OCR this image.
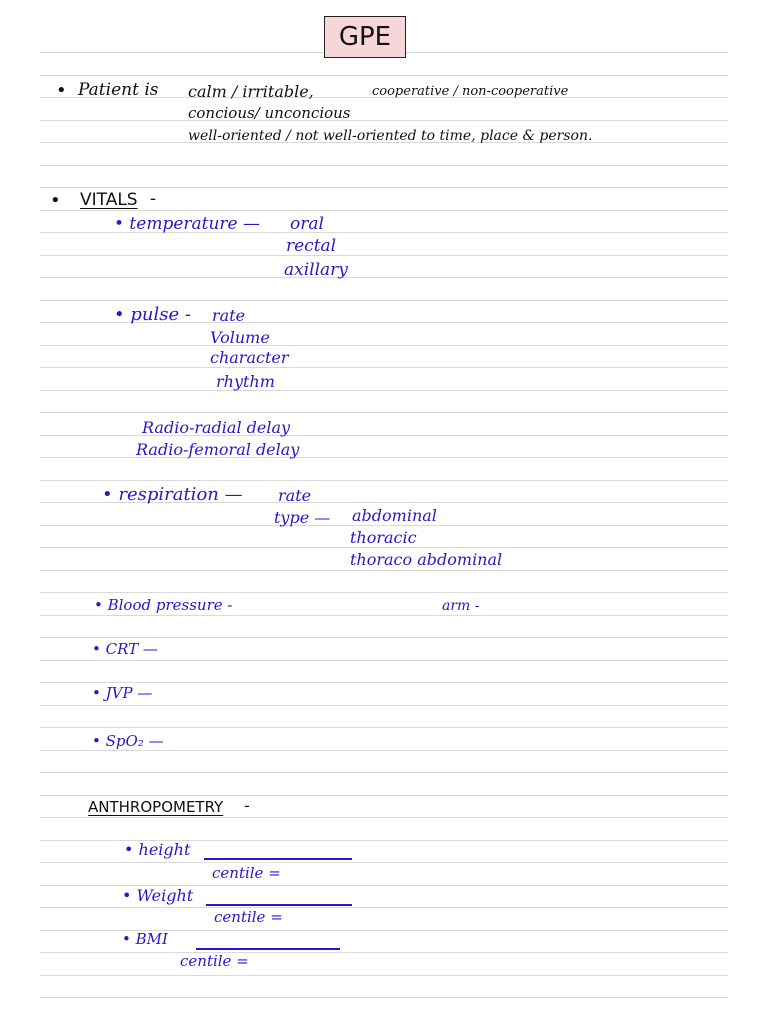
GPE
• Patient is calm / irritable,	cooperative / non-cooperative
concious/ unconcious
well-oriented / not well-oriented to time, place & person.
• VITALS -
• temperature — oral
rectal
axillary
• pulse - rate
Volume
character
rhythm
Radio-radial delay
Radio-femoral delay
• respiration — rate
type — abdominal
thoracic
thoraco abdominal
• Blood pressure -	arm -
• CRT —
• JVP —
• SpO₂ —
ANTHROPOMETRY -
• height
centile =
• Weight
centile =
• BMI
centile =
